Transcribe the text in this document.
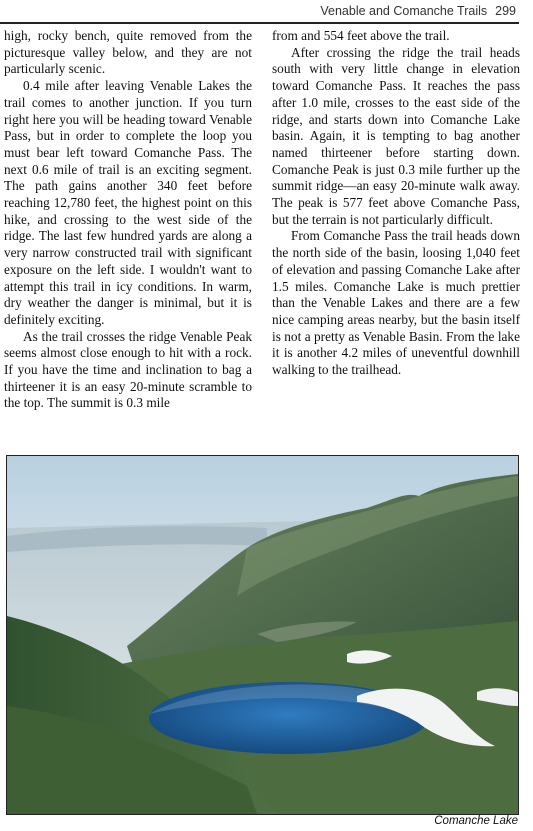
Venable and Comanche Trails 299

high, rocky bench, quite removed from the picturesque valley below, and they are not particularly scenic.

0.4 mile after leaving Venable Lakes the trail comes to another junction. If you turn right here you will be heading toward Venable Pass, but in order to complete the loop you must bear left toward Comanche Pass. The next 0.6 mile of trail is an exciting segment. The path gains another 340 feet before reaching 12,780 feet, the highest point on this hike, and crossing to the west side of the ridge. The last few hundred yards are along a very narrow constructed trail with significant exposure on the left side. I wouldn't want to attempt this trail in icy conditions. In warm, dry weather the danger is minimal, but it is definitely exciting.

As the trail crosses the ridge Venable Peak seems almost close enough to hit with a rock. If you have the time and inclination to bag a thirteener it is an easy 20-minute scramble to the top. The summit is 0.3 mile

from and 554 feet above the trail.

After crossing the ridge the trail heads south with very little change in elevation toward Comanche Pass. It reaches the pass after 1.0 mile, crosses to the east side of the ridge, and starts down into Comanche Lake basin. Again, it is tempting to bag another named thirteener before starting down. Comanche Peak is just 0.3 mile further up the summit ridge—an easy 20-minute walk away. The peak is 577 feet above Comanche Pass, but the terrain is not particularly difficult.

From Comanche Pass the trail heads down the north side of the basin, loosing 1,040 feet of elevation and passing Comanche Lake after 1.5 miles. Comanche Lake is much prettier than the Venable Lakes and there are a few nice camping areas nearby, but the basin itself is not a pretty as Venable Basin. From the lake it is another 4.2 miles of uneventful downhill walking to the trailhead.

Comanche Lake
